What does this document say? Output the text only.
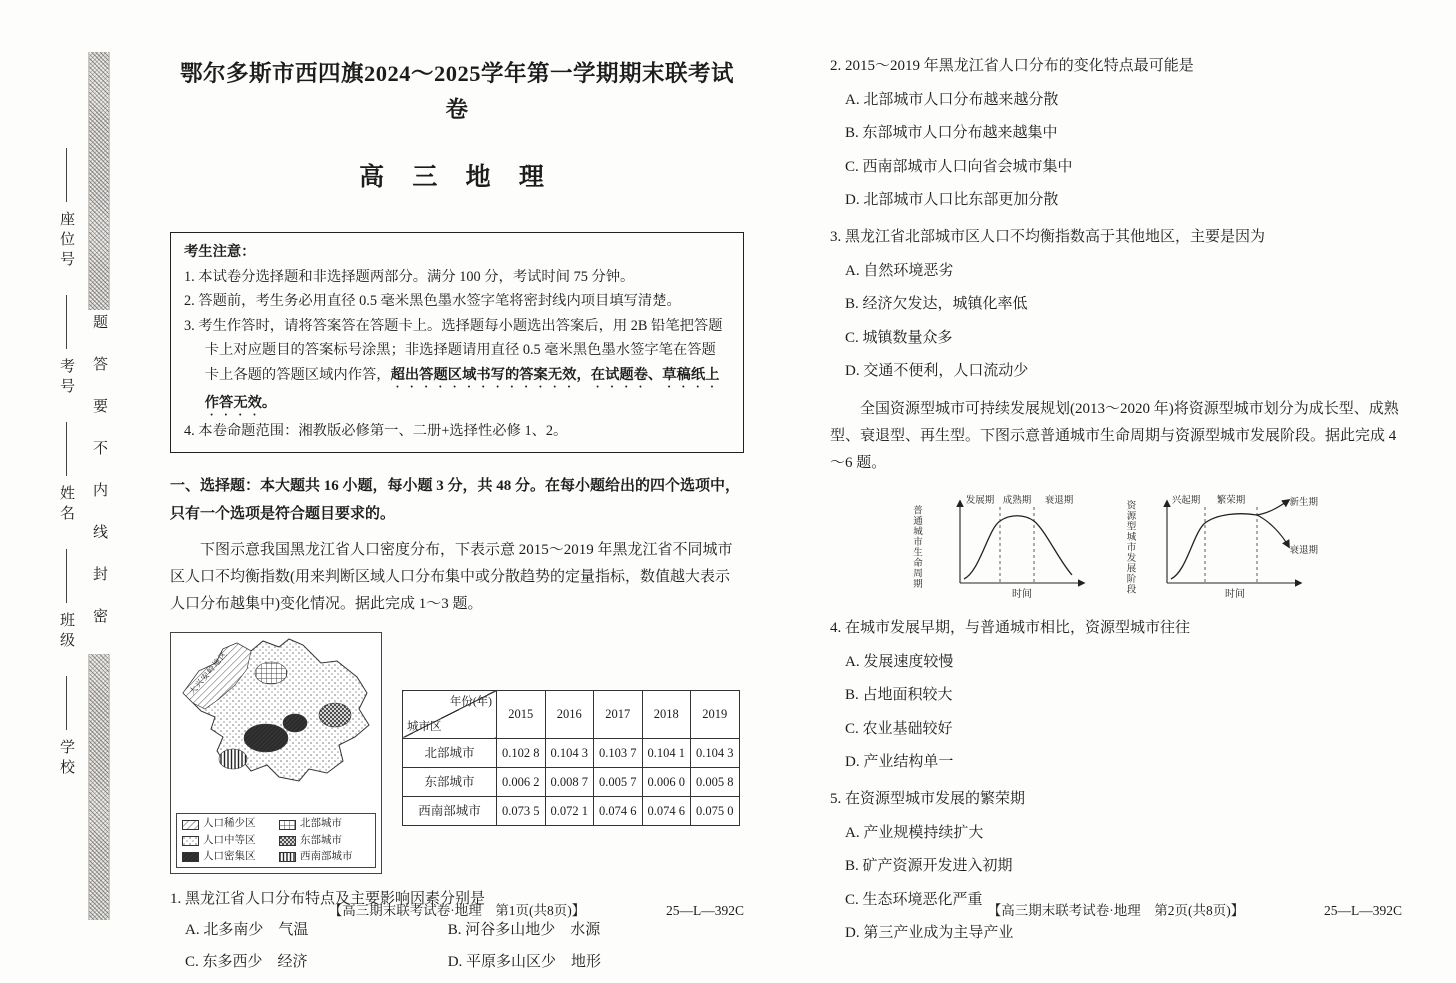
座位号
考号
姓名
班级
学校
题答要不内线封密
鄂尔多斯市西四旗2024～2025学年第一学期期末联考试卷
高 三 地 理
考生注意：
1. 本试卷分选择题和非选择题两部分。满分 100 分，考试时间 75 分钟。
2. 答题前，考生务必用直径 0.5 毫米黑色墨水签字笔将密封线内项目填写清楚。
3. 考生作答时，请将答案答在答题卡上。选择题每小题选出答案后，用 2B 铅笔把答题卡上对应题目的答案标号涂黑；非选择题请用直径 0.5 毫米黑色墨水签字笔在答题卡上各题的答题区域内作答，超出答题区域书写的答案无效，在试题卷、草稿纸上作答无效。
4. 本卷命题范围：湘教版必修第一、二册+选择性必修 1、2。
一、选择题：本大题共 16 小题，每小题 3 分，共 48 分。在每小题给出的四个选项中，只有一个选项是符合题目要求的。
下图示意我国黑龙江省人口密度分布，下表示意 2015～2019 年黑龙江省不同城市区人口不均衡指数(用来判断区域人口分布集中或分散趋势的定量指标，数值越大表示人口分布越集中)变化情况。据此完成 1～3 题。
大兴安岭地区
人口稀少区
人口中等区
人口密集区
北部城市
东部城市
西南部城市
年份(年)
城市区	2015	2016	2017	2018	2019
北部城市	0.102 8	0.104 3	0.103 7	0.104 1	0.104 3
东部城市	0.006 2	0.008 7	0.005 7	0.006 0	0.005 8
西南部城市	0.073 5	0.072 1	0.074 6	0.074 6	0.075 0
1. 黑龙江省人口分布特点及主要影响因素分别是
A. 北多南少　气温	B. 河谷多山地少　水源
C. 东多西少　经济	D. 平原多山区少　地形
【高三期末联考试卷·地理　第1页(共8页)】	25—L—392C
2. 2015～2019 年黑龙江省人口分布的变化特点最可能是
A. 北部城市人口分布越来越分散
B. 东部城市人口分布越来越集中
C. 西南部城市人口向省会城市集中
D. 北部城市人口比东部更加分散
3. 黑龙江省北部城市区人口不均衡指数高于其他地区，主要是因为
A. 自然环境恶劣
B. 经济欠发达，城镇化率低
C. 城镇数量众多
D. 交通不便利，人口流动少
全国资源型城市可持续发展规划(2013～2020 年)将资源型城市划分为成长型、成熟型、衰退型、再生型。下图示意普通城市生命周期与资源型城市发展阶段。据此完成 4～6 题。
普通城市生命周期
发展期 成熟期 衰退期
时间
资源型城市发展阶段	兴起期 繁荣期	新生期
衰退期
时间
4. 在城市发展早期，与普通城市相比，资源型城市往往
A. 发展速度较慢
B. 占地面积较大
C. 农业基础较好
D. 产业结构单一
5. 在资源型城市发展的繁荣期
A. 产业规模持续扩大
B. 矿产资源开发进入初期
C. 生态环境恶化严重
D. 第三产业成为主导产业
【高三期末联考试卷·地理　第2页(共8页)】	25—L—392C
